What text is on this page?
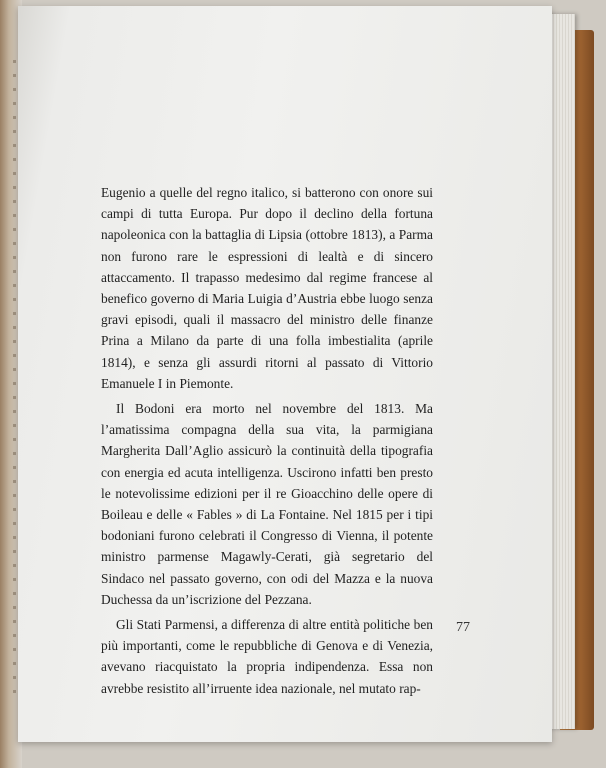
Eugenio a quelle del regno italico, si batterono con onore sui campi di tutta Europa. Pur dopo il declino della fortuna napoleonica con la battaglia di Lipsia (ottobre 1813), a Parma non furono rare le espressioni di lealtà e di sincero attaccamento. Il trapasso medesimo dal regime francese al benefico governo di Maria Luigia d’Austria ebbe luogo senza gravi episodi, quali il massacro del ministro delle finanze Prina a Milano da parte di una folla imbestialita (aprile 1814), e senza gli assurdi ritorni al passato di Vittorio Emanuele I in Piemonte.

Il Bodoni era morto nel novembre del 1813. Ma l’amatissima compagna della sua vita, la parmigiana Margherita Dall’Aglio assicurò la continuità della tipografia con energia ed acuta intelligenza. Uscirono infatti ben presto le notevolissime edizioni per il re Gioacchino delle opere di Boileau e delle « Fables » di La Fontaine. Nel 1815 per i tipi bodoniani furono celebrati il Congresso di Vienna, il potente ministro parmense Magawly-Cerati, già segretario del Sindaco nel passato governo, con odi del Mazza e la nuova Duchessa da un’iscrizione del Pezzana.

Gli Stati Parmensi, a differenza di altre entità politiche ben più importanti, come le repubbliche di Genova e di Venezia, avevano riacquistato la propria indipendenza. Essa non avrebbe resistito all’irruente idea nazionale, nel mutato rap-

77
